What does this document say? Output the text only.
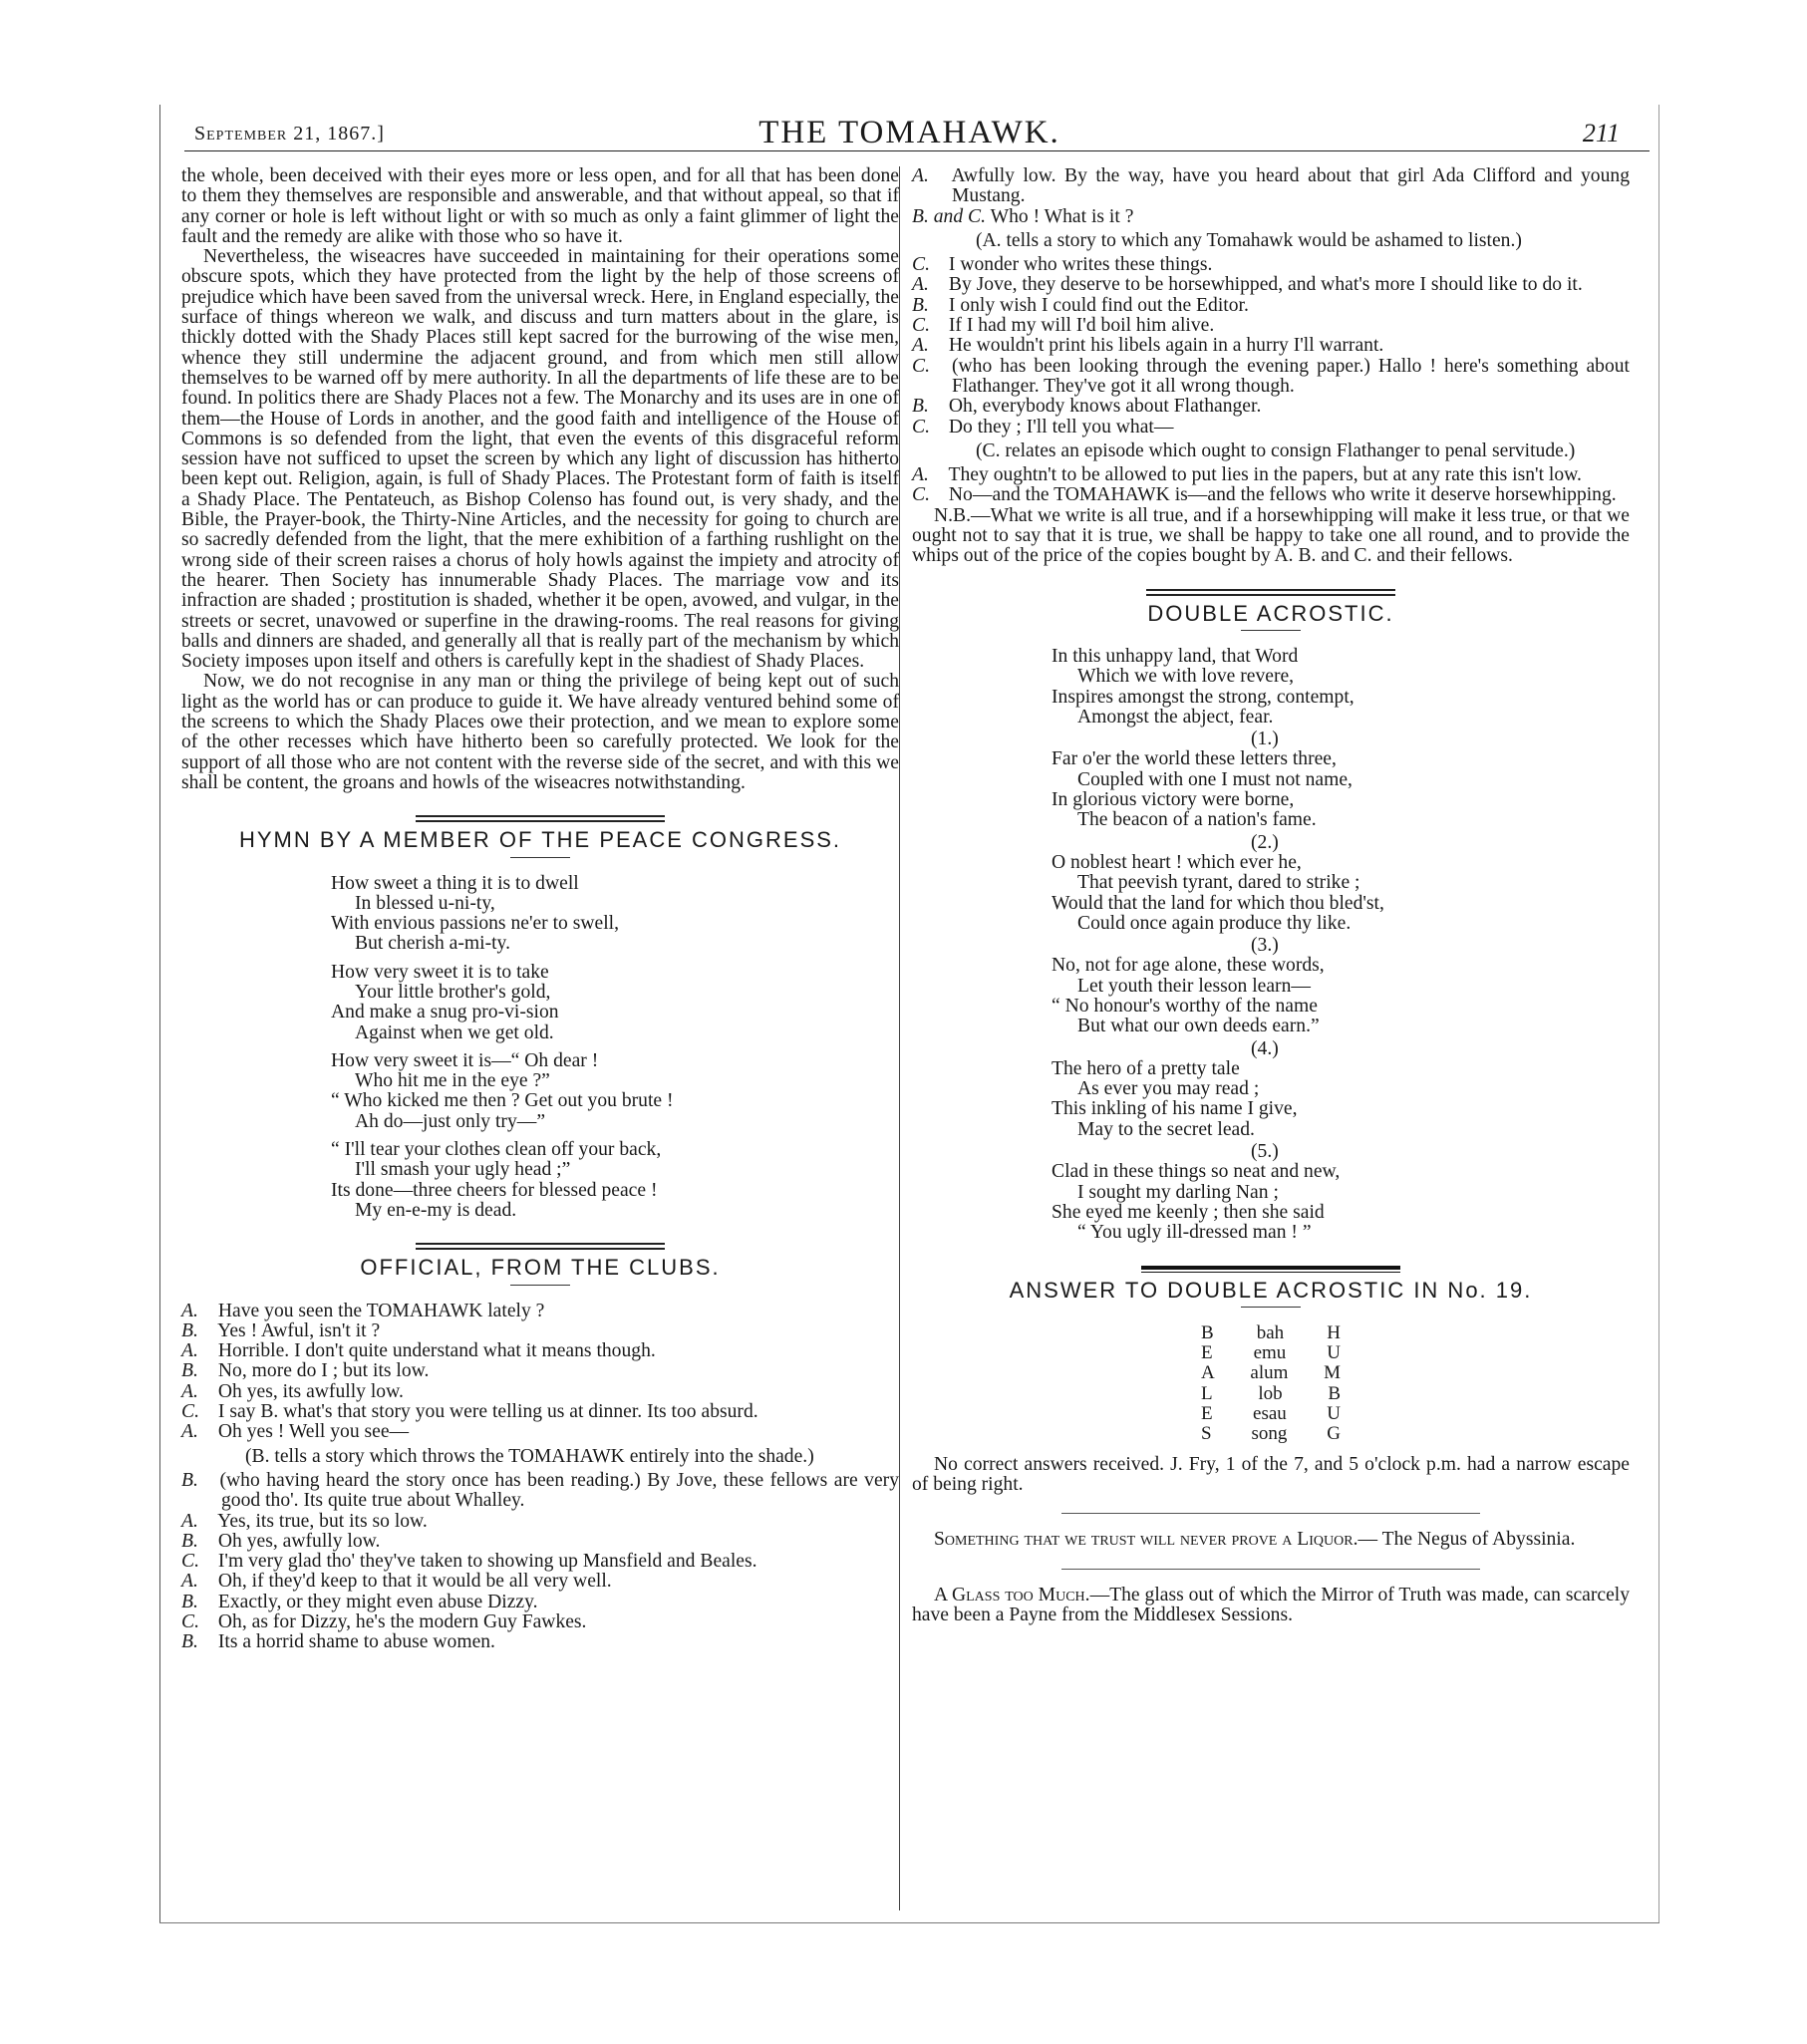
September 21, 1867.]	THE TOMAHAWK.	211

the whole, been deceived with their eyes more or less open, and for all that has been done to them they themselves are responsible and answerable, and that without appeal, so that if any corner or hole is left without light or with so much as only a faint glimmer of light the fault and the remedy are alike with those who so have it.

Nevertheless, the wiseacres have succeeded in maintaining for their operations some obscure spots, which they have protected from the light by the help of those screens of prejudice which have been saved from the universal wreck. Here, in England especially, the surface of things whereon we walk, and discuss and turn matters about in the glare, is thickly dotted with the Shady Places still kept sacred for the burrowing of the wise men, whence they still undermine the adjacent ground, and from which men still allow themselves to be warned off by mere authority. In all the departments of life these are to be found. In politics there are Shady Places not a few. The Monarchy and its uses are in one of them—the House of Lords in another, and the good faith and intelligence of the House of Commons is so defended from the light, that even the events of this disgraceful reform session have not sufficed to upset the screen by which any light of discussion has hitherto been kept out. Religion, again, is full of Shady Places. The Protestant form of faith is itself a Shady Place. The Pentateuch, as Bishop Colenso has found out, is very shady, and the Bible, the Prayer-book, the Thirty-Nine Articles, and the necessity for going to church are so sacredly defended from the light, that the mere exhibition of a farthing rushlight on the wrong side of their screen raises a chorus of holy howls against the impiety and atrocity of the hearer. Then Society has innumerable Shady Places. The marriage vow and its infraction are shaded ; prostitution is shaded, whether it be open, avowed, and vulgar, in the streets or secret, unavowed or superfine in the drawing-rooms. The real reasons for giving balls and dinners are shaded, and generally all that is really part of the mechanism by which Society imposes upon itself and others is carefully kept in the shadiest of Shady Places.

Now, we do not recognise in any man or thing the privilege of being kept out of such light as the world has or can produce to guide it. We have already ventured behind some of the screens to which the Shady Places owe their protection, and we mean to explore some of the other recesses which have hitherto been so carefully protected. We look for the support of all those who are not content with the reverse side of the secret, and with this we shall be content, the groans and howls of the wiseacres notwithstanding.

HYMN BY A MEMBER OF THE PEACE CONGRESS.

How sweet a thing it is to dwell

In blessed u-ni-ty,

With envious passions ne'er to swell,

But cherish a-mi-ty.

How very sweet it is to take

Your little brother's gold,

And make a snug pro-vi-sion

Against when we get old.

How very sweet it is—“ Oh dear !

Who hit me in the eye ?”

“ Who kicked me then ? Get out you brute !

Ah do—just only try—”

“ I'll tear your clothes clean off your back,

I'll smash your ugly head ;”

Its done—three cheers for blessed peace !

My en-e-my is dead.

OFFICIAL, FROM THE CLUBS.

A. Have you seen the TOMAHAWK lately ?

B. Yes ! Awful, isn't it ?

A. Horrible. I don't quite understand what it means though.

B. No, more do I ; but its low.

A. Oh yes, its awfully low.

C. I say B. what's that story you were telling us at dinner. Its too absurd.

A. Oh yes ! Well you see—

(B. tells a story which throws the TOMAHAWK entirely into the shade.)

B. (who having heard the story once has been reading.) By Jove, these fellows are very good tho'. Its quite true about Whalley.

A. Yes, its true, but its so low.

B. Oh yes, awfully low.

C. I'm very glad tho' they've taken to showing up Mansfield and Beales.

A. Oh, if they'd keep to that it would be all very well.

B. Exactly, or they might even abuse Dizzy.

C. Oh, as for Dizzy, he's the modern Guy Fawkes.

B. Its a horrid shame to abuse women.

A. Awfully low. By the way, have you heard about that girl Ada Clifford and young Mustang.

B. and C. Who ! What is it ?

(A. tells a story to which any Tomahawk would be ashamed to listen.)

C. I wonder who writes these things.

A. By Jove, they deserve to be horsewhipped, and what's more I should like to do it.

B. I only wish I could find out the Editor.

C. If I had my will I'd boil him alive.

A. He wouldn't print his libels again in a hurry I'll warrant.

C. (who has been looking through the evening paper.) Hallo ! here's something about Flathanger. They've got it all wrong though.

B. Oh, everybody knows about Flathanger.

C. Do they ; I'll tell you what—

(C. relates an episode which ought to consign Flathanger to penal servitude.)

A. They oughtn't to be allowed to put lies in the papers, but at any rate this isn't low.

C. No—and the TOMAHAWK is—and the fellows who write it deserve horsewhipping.

N.B.—What we write is all true, and if a horsewhipping will make it less true, or that we ought not to say that it is true, we shall be happy to take one all round, and to provide the whips out of the price of the copies bought by A. B. and C. and their fellows.

DOUBLE ACROSTIC.

In this unhappy land, that Word

Which we with love revere,

Inspires amongst the strong, contempt,

Amongst the abject, fear.

(1.)

Far o'er the world these letters three,

Coupled with one I must not name,

In glorious victory were borne,

The beacon of a nation's fame.

(2.)

O noblest heart ! which ever he,

That peevish tyrant, dared to strike ;

Would that the land for which thou bled'st,

Could once again produce thy like.

(3.)

No, not for age alone, these words,

Let youth their lesson learn—

“ No honour's worthy of the name

But what our own deeds earn.”

(4.)

The hero of a pretty tale

As ever you may read ;

This inkling of his name I give,

May to the secret lead.

(5.)

Clad in these things so neat and new,

I sought my darling Nan ;

She eyed me keenly ; then she said

“ You ugly ill-dressed man ! ”

ANSWER TO DOUBLE ACROSTIC IN No. 19.
B	bah	H
E	emu	U
A	alum	M
L	lob	B
E	esau	U
S	song	G

No correct answers received. J. Fry, 1 of the 7, and 5 o'clock p.m. had a narrow escape of being right.

Something that we trust will never prove a Liquor.— The Negus of Abyssinia.

A Glass too Much.—The glass out of which the Mirror of Truth was made, can scarcely have been a Payne from the Middlesex Sessions.
